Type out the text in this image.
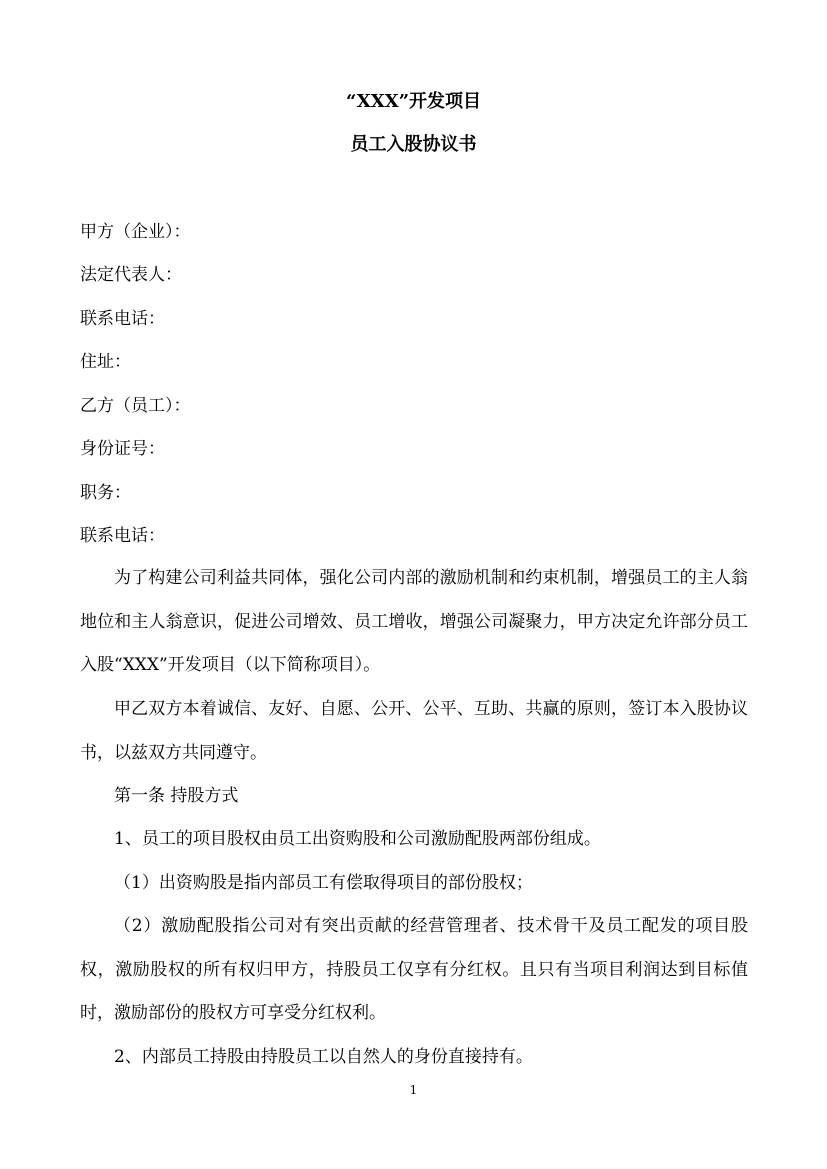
“XXX”开发项目
员工入股协议书

甲方（企业）：

法定代表人：

联系电话：

住址：

乙方（员工）：

身份证号：

职务：

联系电话：

为了构建公司利益共同体，强化公司内部的激励机制和约束机制，增强员工的主人翁地位和主人翁意识，促进公司增效、员工增收，增强公司凝聚力，甲方决定允许部分员工入股“XXX”开发项目（以下简称项目）。

甲乙双方本着诚信、友好、自愿、公开、公平、互助、共赢的原则，签订本入股协议书，以兹双方共同遵守。

第一条 持股方式

1、员工的项目股权由员工出资购股和公司激励配股两部份组成。

（1）出资购股是指内部员工有偿取得项目的部份股权；

（2）激励配股指公司对有突出贡献的经营管理者、技术骨干及员工配发的项目股权，激励股权的所有权归甲方，持股员工仅享有分红权。且只有当项目利润达到目标值时，激励部份的股权方可享受分红权利。

2、内部员工持股由持股员工以自然人的身份直接持有。

1
